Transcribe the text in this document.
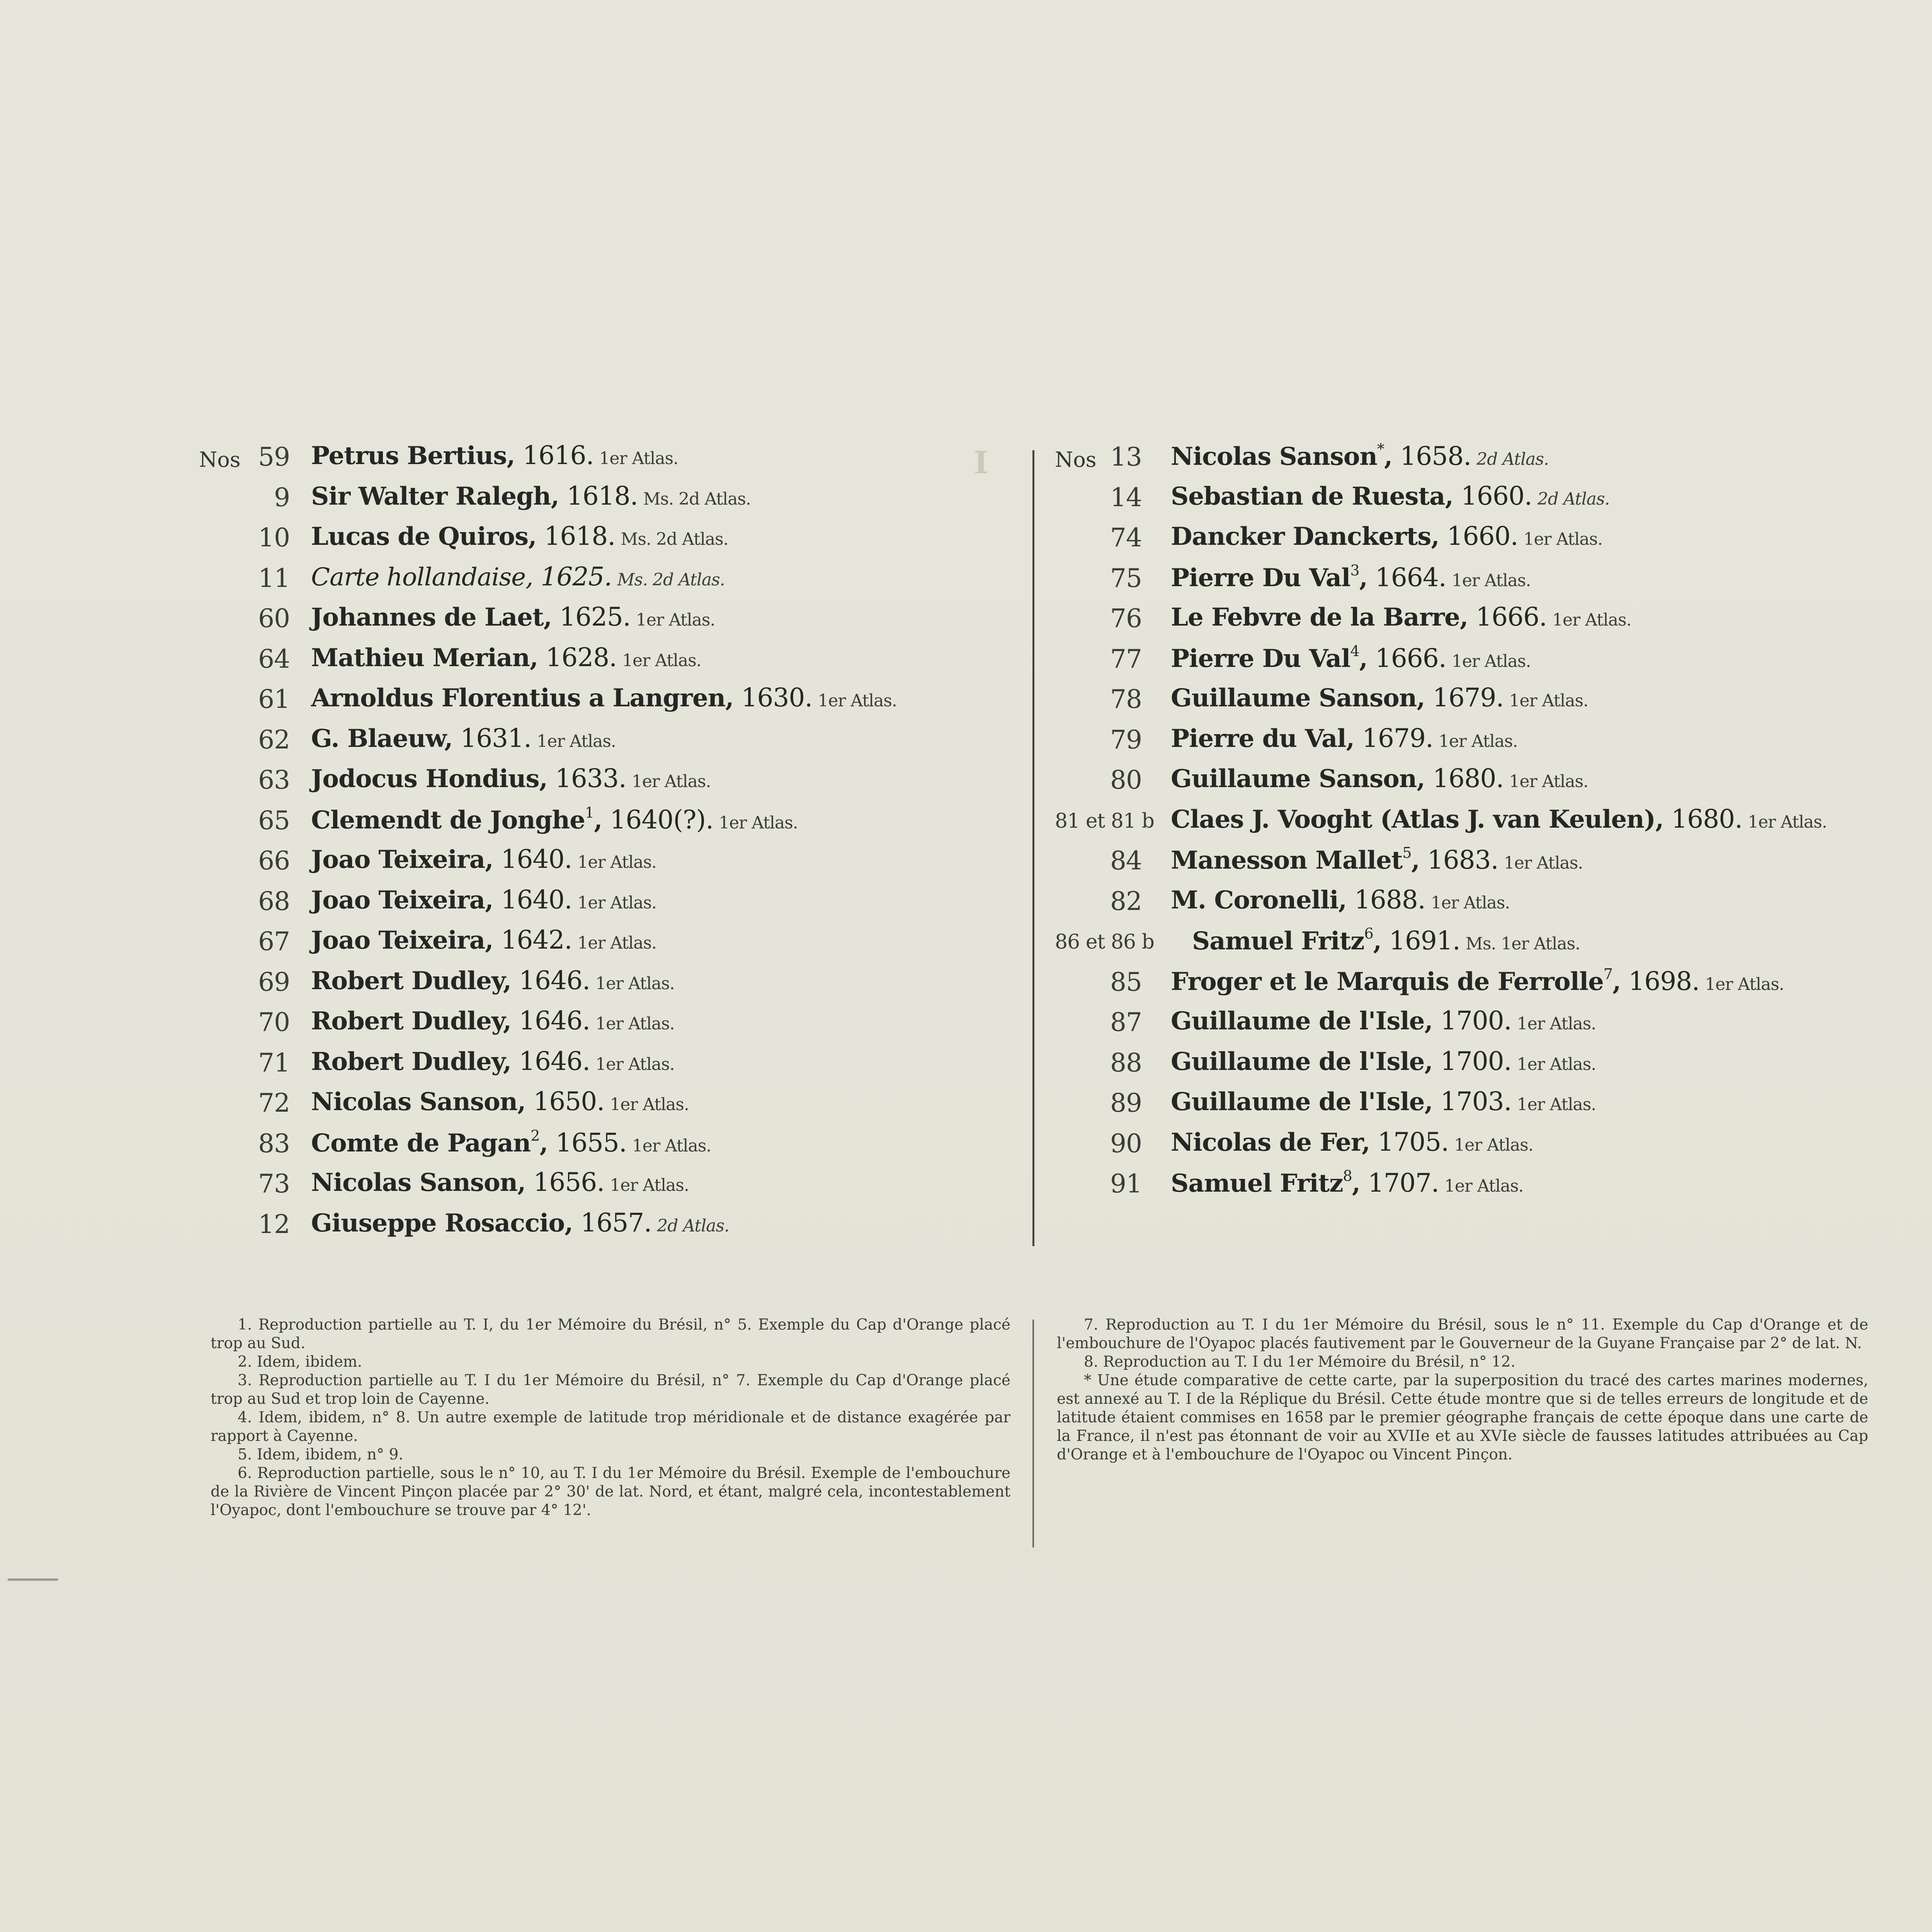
Ⅰ
Nos 59 Petrus Bertius, 1616. 1er Atlas.
9 Sir Walter Ralegh, 1618. Ms. 2d Atlas.
10 Lucas de Quiros, 1618. Ms. 2d Atlas.
11 Carte hollandaise, 1625. Ms. 2d Atlas.
60 Johannes de Laet, 1625. 1er Atlas.
64 Mathieu Merian, 1628. 1er Atlas.
61 Arnoldus Florentius a Langren, 1630. 1er Atlas.
62 G. Blaeuw, 1631. 1er Atlas.
63 Jodocus Hondius, 1633. 1er Atlas.
65 Clemendt de Jonghe$^1$, 1640(?). 1er Atlas.
66 Joao Teixeira, 1640. 1er Atlas.
68 Joao Teixeira, 1640. 1er Atlas.
67 Joao Teixeira, 1642. 1er Atlas.
69 Robert Dudley, 1646. 1er Atlas.
70 Robert Dudley, 1646. 1er Atlas.
71 Robert Dudley, 1646. 1er Atlas.
72 Nicolas Sanson, 1650. 1er Atlas.
83 Comte de Pagan$^2$, 1655. 1er Atlas.
73 Nicolas Sanson, 1656. 1er Atlas.
12 Giuseppe Rosaccio, 1657. 2d Atlas.
Nos 13 Nicolas Sanson*, 1658. 2d Atlas.
14 Sebastian de Ruesta, 1660. 2d Atlas.
74 Dancker Danckerts, 1660. 1er Atlas.
75 Pierre Du Val$^3$, 1664. 1er Atlas.
76 Le Febvre de la Barre, 1666. 1er Atlas.
77 Pierre Du Val$^4$, 1666. 1er Atlas.
78 Guillaume Sanson, 1679. 1er Atlas.
79 Pierre du Val, 1679. 1er Atlas.
80 Guillaume Sanson, 1680. 1er Atlas.
81 et 81 b Claes J. Vooght (Atlas J. van Keulen), 1680. 1er Atlas.
84 Manesson Mallet$^5$, 1683. 1er Atlas.
82 M. Coronelli, 1688. 1er Atlas.
86 et 86 b Samuel Fritz$^6$, 1691. Ms. 1er Atlas.
85 Froger et le Marquis de Ferrolle$^7$, 1698. 1er Atlas.
87 Guillaume de l'Isle, 1700. 1er Atlas.
88 Guillaume de l'Isle, 1700. 1er Atlas.
89 Guillaume de l'Isle, 1703. 1er Atlas.
90 Nicolas de Fer, 1705. 1er Atlas.
91 Samuel Fritz$^8$, 1707. 1er Atlas.

1. Reproduction partielle au T. I, du 1er Mémoire du Brésil, n° 5. Exemple du Cap d'Orange placé trop au Sud.

2. Idem, ibidem.

3. Reproduction partielle au T. I du 1er Mémoire du Brésil, n° 7. Exemple du Cap d'Orange placé trop au Sud et trop loin de Cayenne.

4. Idem, ibidem, n° 8. Un autre exemple de latitude trop méridionale et de distance exagérée par rapport à Cayenne.

5. Idem, ibidem, n° 9.

6. Reproduction partielle, sous le n° 10, au T. I du 1er Mémoire du Brésil. Exemple de l'embouchure de la Rivière de Vincent Pinçon placée par 2° 30' de lat. Nord, et étant, malgré cela, incontestablement l'Oyapoc, dont l'embouchure se trouve par 4° 12'.

7. Reproduction au T. I du 1er Mémoire du Brésil, sous le n° 11. Exemple du Cap d'Orange et de l'embouchure de l'Oyapoc placés fautivement par le Gouverneur de la Guyane Française par 2° de lat. N.

8. Reproduction au T. I du 1er Mémoire du Brésil, n° 12.

* Une étude comparative de cette carte, par la superposition du tracé des cartes marines modernes, est annexé au T. I de la Réplique du Brésil. Cette étude montre que si de telles erreurs de longitude et de latitude étaient commises en 1658 par le premier géographe français de cette époque dans une carte de la France, il n'est pas étonnant de voir au XVIIe et au XVIe siècle de fausses latitudes attribuées au Cap d'Orange et à l'embouchure de l'Oyapoc ou Vincent Pinçon.
